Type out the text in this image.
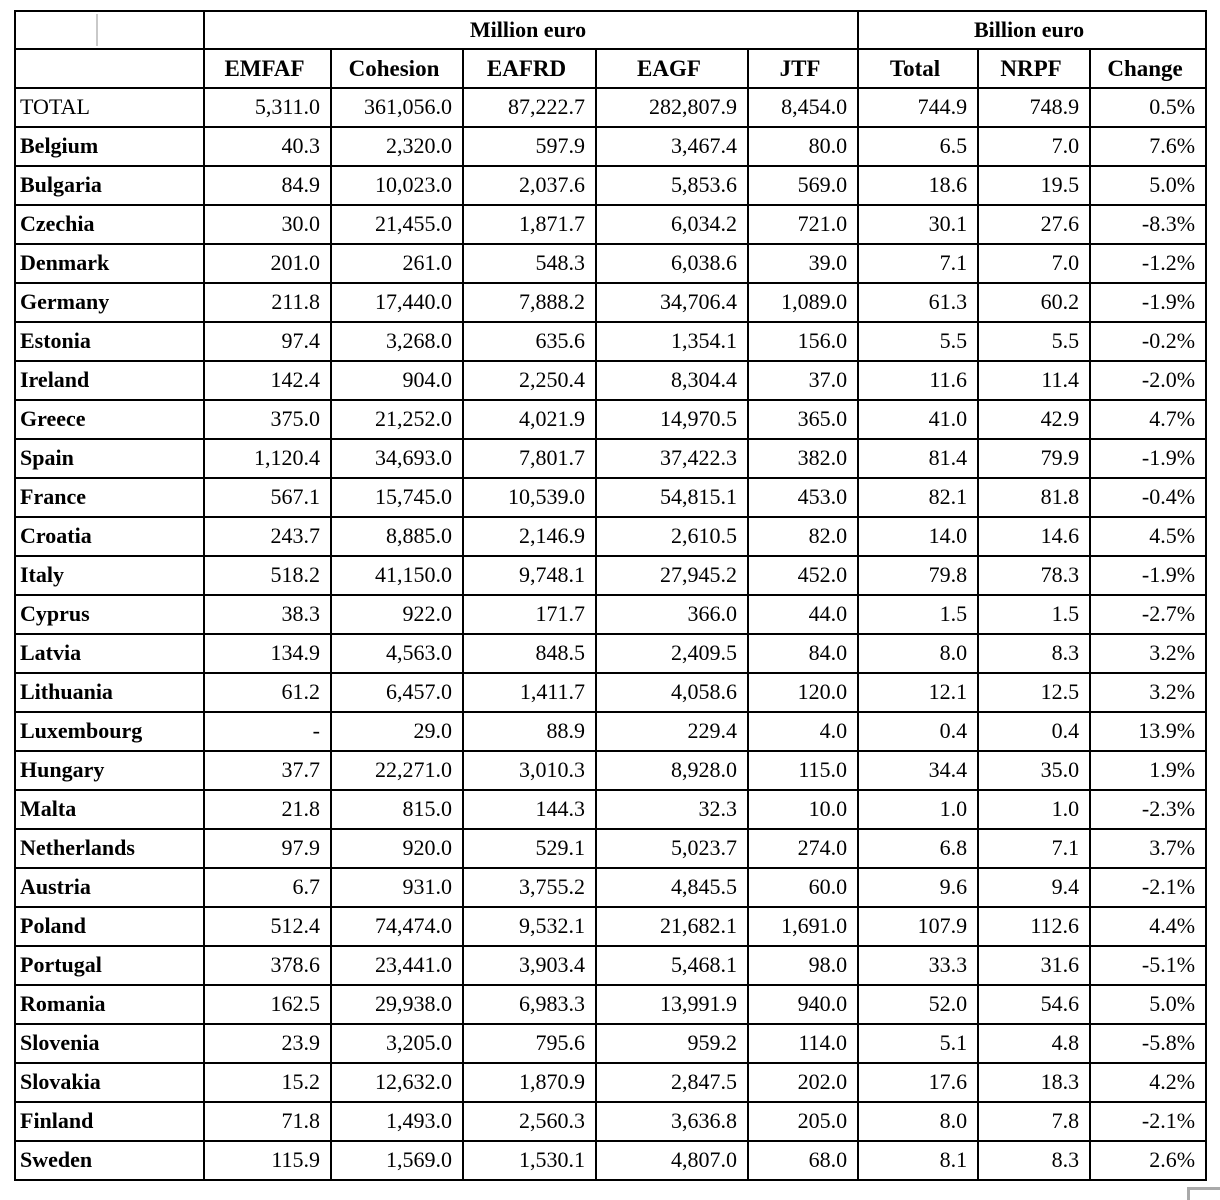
	Million euro					Billion euro		
	EMFAF	Cohesion	EAFRD	EAGF	JTF	Total	NRPF	Change
TOTAL	5,311.0	361,056.0	87,222.7	282,807.9	8,454.0	744.9	748.9	0.5%
Belgium	40.3	2,320.0	597.9	3,467.4	80.0	6.5	7.0	7.6%
Bulgaria	84.9	10,023.0	2,037.6	5,853.6	569.0	18.6	19.5	5.0%
Czechia	30.0	21,455.0	1,871.7	6,034.2	721.0	30.1	27.6	-8.3%
Denmark	201.0	261.0	548.3	6,038.6	39.0	7.1	7.0	-1.2%
Germany	211.8	17,440.0	7,888.2	34,706.4	1,089.0	61.3	60.2	-1.9%
Estonia	97.4	3,268.0	635.6	1,354.1	156.0	5.5	5.5	-0.2%
Ireland	142.4	904.0	2,250.4	8,304.4	37.0	11.6	11.4	-2.0%
Greece	375.0	21,252.0	4,021.9	14,970.5	365.0	41.0	42.9	4.7%
Spain	1,120.4	34,693.0	7,801.7	37,422.3	382.0	81.4	79.9	-1.9%
France	567.1	15,745.0	10,539.0	54,815.1	453.0	82.1	81.8	-0.4%
Croatia	243.7	8,885.0	2,146.9	2,610.5	82.0	14.0	14.6	4.5%
Italy	518.2	41,150.0	9,748.1	27,945.2	452.0	79.8	78.3	-1.9%
Cyprus	38.3	922.0	171.7	366.0	44.0	1.5	1.5	-2.7%
Latvia	134.9	4,563.0	848.5	2,409.5	84.0	8.0	8.3	3.2%
Lithuania	61.2	6,457.0	1,411.7	4,058.6	120.0	12.1	12.5	3.2%
Luxembourg	-	29.0	88.9	229.4	4.0	0.4	0.4	13.9%
Hungary	37.7	22,271.0	3,010.3	8,928.0	115.0	34.4	35.0	1.9%
Malta	21.8	815.0	144.3	32.3	10.0	1.0	1.0	-2.3%
Netherlands	97.9	920.0	529.1	5,023.7	274.0	6.8	7.1	3.7%
Austria	6.7	931.0	3,755.2	4,845.5	60.0	9.6	9.4	-2.1%
Poland	512.4	74,474.0	9,532.1	21,682.1	1,691.0	107.9	112.6	4.4%
Portugal	378.6	23,441.0	3,903.4	5,468.1	98.0	33.3	31.6	-5.1%
Romania	162.5	29,938.0	6,983.3	13,991.9	940.0	52.0	54.6	5.0%
Slovenia	23.9	3,205.0	795.6	959.2	114.0	5.1	4.8	-5.8%
Slovakia	15.2	12,632.0	1,870.9	2,847.5	202.0	17.6	18.3	4.2%
Finland	71.8	1,493.0	2,560.3	3,636.8	205.0	8.0	7.8	-2.1%
Sweden	115.9	1,569.0	1,530.1	4,807.0	68.0	8.1	8.3	2.6%
